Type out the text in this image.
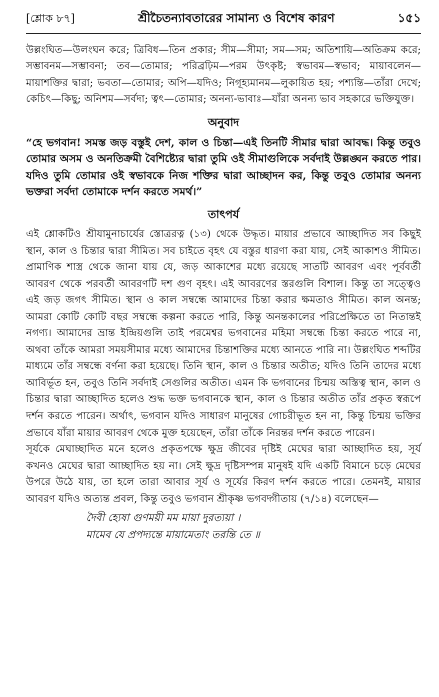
[শ্লোক ৮৭]	শ্রীচৈতন্যাবতারের সামান্য ও বিশেষ কারণ	১৫১
উল্লংঘিত—উলংঘন করে; ত্রিবিধ—তিন প্রকার; সীম—সীমা; সম—সম; অতিশায়ি—অতিক্রম করে; সম্ভাবনম—সম্ভাবনা; তব—তোমার; পরিব্রঢ়িম—পরম উৎকৃষ্ট; স্বভাবম—স্বভাব; মায়াবলেন—মায়াশক্তির দ্বারা; ভবতা—তোমার; অপি—যদিও; নিগূহ্যমানম—লুকায়িত হয়; পশ্যন্তি—তাঁরা দেখে; কেচিৎ—কিছু; অনিশম—সর্বদা; ত্বৎ—তোমার; অনন্য-ভাবাঃ—যাঁরা অনন্য ভাব সহকারে ভক্তিযুক্ত।
অনুবাদ
“হে ভগবান! সমস্ত জড় বস্তুই দেশ, কাল ও চিন্তা—এই তিনটি সীমার দ্বারা আবদ্ধ। কিন্তু তবুও তোমার অসম ও অনতিক্রমী বৈশিষ্ট্যের দ্বারা তুমি ওই সীমাগুলিকে সর্বদাই উল্লঙ্ঘন করতে পার। যদিও তুমি তোমার ওই স্বভাবকে নিজ শক্তির দ্বারা আচ্ছাদন কর, কিন্তু তবুও তোমার অনন্য ভক্তরা সর্বদা তোমাকে দর্শন করতে সমর্থ।”
তাৎপর্য

এই শ্লোকটিও শ্রীযামুনাচার্যের স্তোত্ররত্ন (১৩) থেকে উদ্ধৃত। মায়ার প্রভাবে আচ্ছাদিত সব কিছুই স্থান, কাল ও চিন্তার দ্বারা সীমিত। সব চাইতে বৃহৎ যে বস্তুর ধারণা করা যায়, সেই আকাশও সীমিত। প্রামাণিক শাস্ত্র থেকে জানা যায় যে, জড় আকাশের মধ্যে রয়েছে সাতটি আবরণ এবং পূর্ববর্তী আবরণ থেকে পরবর্তী আবরণটি দশ গুণ বৃহৎ। এই আবরণের স্তরগুলি বিশাল। কিন্তু তা সত্ত্বেও এই জড় জগৎ সীমিত। স্থান ও কাল সম্বন্ধে আমাদের চিন্তা করার ক্ষমতাও সীমিত। কাল অনন্ত; আমরা কোটি কোটি বছর সম্বন্ধে কল্পনা করতে পারি, কিন্তু অনন্তকালের পরিপ্রেক্ষিতে তা নিতান্তই নগণ্য। আমাদের ভ্রান্ত ইন্দ্রিয়গুলি তাই পরমেশ্বর ভগবানের মহিমা সম্বন্ধে চিন্তা করতে পারে না, অথবা তাঁকে আমরা সময়সীমার মধ্যে আমাদের চিন্তাশক্তির মধ্যে আনতে পারি না। উল্লংঘিত শব্দটির মাধ্যমে তাঁর সম্বন্ধে বর্ণনা করা হয়েছে। তিনি স্থান, কাল ও চিন্তার অতীত; যদিও তিনি তাদের মধ্যে আবির্ভূত হন, তবুও তিনি সর্বদাই সেগুলির অতীত। এমন কি ভগবানের চিন্ময় অস্তিত্ব স্থান, কাল ও চিন্তার দ্বারা আচ্ছাদিত হলেও শুদ্ধ ভক্ত ভগবানকে স্থান, কাল ও চিন্তার অতীত তাঁর প্রকৃত স্বরূপে দর্শন করতে পারেন। অর্থাৎ, ভগবান যদিও সাধারণ মানুষের গোচরীভূত হন না, কিন্তু চিন্ময় ভক্তির প্রভাবে যাঁরা মায়ার আবরণ থেকে মুক্ত হয়েছেন, তাঁরা তাঁকে নিরন্তর দর্শন করতে পারেন।

সূর্যকে মেঘাচ্ছাদিত মনে হলেও প্রকৃতপক্ষে ক্ষুদ্র জীবের দৃষ্টিই মেঘের দ্বারা আচ্ছাদিত হয়, সূর্য কখনও মেঘের দ্বারা আচ্ছাদিত হয় না। সেই ক্ষুদ্র দৃষ্টিসম্পন্ন মানুষই যদি একটি বিমানে চড়ে মেঘের উপরে উঠে যায়, তা হলে তারা আবার সূর্য ও সূর্যের কিরণ দর্শন করতে পারে। তেমনই, মায়ার আবরণ যদিও অত্যন্ত প্রবল, কিন্তু তবুও ভগবান শ্রীকৃষ্ণ ভগবদ্গীতায় (৭/১৪) বলেছেন—

দৈবী হ্যেষা গুণময়ী মম মায়া দুরত্যয়া ।
মামেব যে প্রপদ্যন্তে মায়ামেতাং তরন্তি তে ॥
